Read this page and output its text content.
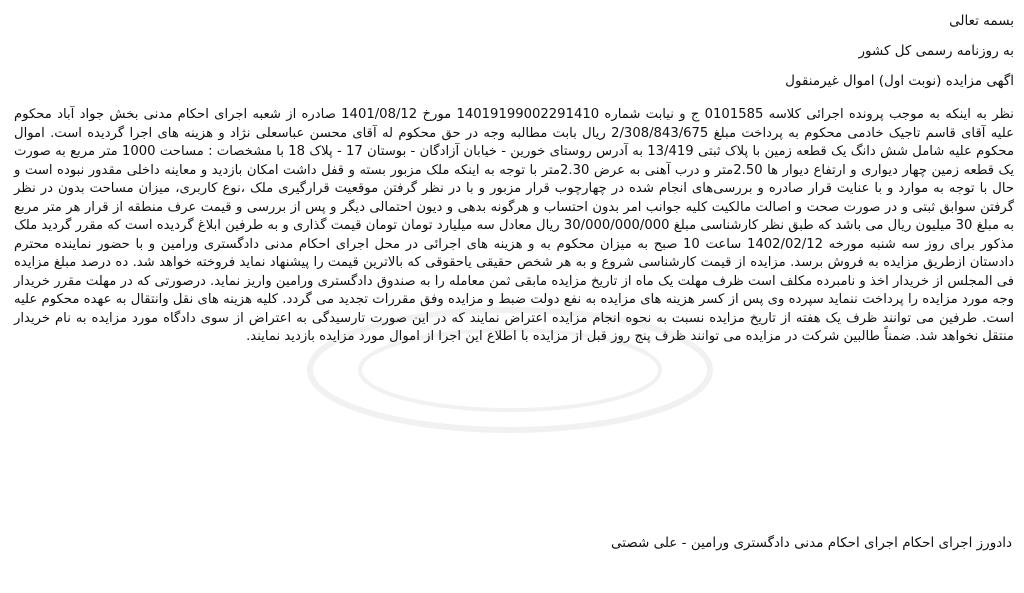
بسمه تعالی
به روزنامه رسمی کل کشور
اگهی مزایده (نوبت اول) اموال غیرمنقول
نظر به اینکه به موجب پرونده اجرائی کلاسه 0101585 ج و نیابت شماره 14019199002291410 مورخ 1401/08/12 صادره از شعبه اجرای احکام مدنی بخش جواد آباد محکوم علیه آقای قاسم تاجیک خادمی محکوم به پرداخت مبلغ 2/308/843/675 ریال بابت مطالبه وجه در حق محکوم له آقای محسن عباسعلی نژاد و هزینه های اجرا گردیده است. اموال محکوم علیه شامل شش دانگ یک قطعه زمین با پلاک ثبتی 13/419 به آدرس روستای خورین - خیابان آزادگان - بوستان 17 - پلاک 18 با مشخصات : مساحت 1000 متر مربع به صورت یک قطعه زمین چهار دیواری و ارتفاع دیوار ها 2.50متر و درب آهنی به عرض 2.30متر با توجه به اینکه ملک مزبور بسته و قفل داشت امکان بازدید و معاینه داخلی مقدور نبوده است و حال با توجه به موارد و با عنایت قرار صادره و بررسی‌های انجام شده در چهارچوب قرار مزبور و با در نظر گرفتن موقعیت قرارگیری ملک ،نوع کاربری، میزان مساحت بدون در نظر گرفتن سوابق ثبتی و در صورت صحت و اصالت مالکیت کلیه جوانب امر بدون احتساب و هرگونه بدهی و دیون احتمالی دیگر و پس از بررسی و قیمت عرف منطقه از قرار هر متر مربع به مبلغ 30 میلیون ریال می باشد که طبق نظر کارشناسی مبلغ 30/000/000/000 ریال معادل سه میلیارد تومان تومان قیمت گذاری و به طرفین ابلاغ گردیده است که مقرر گردید ملک مذکور برای روز سه شنبه مورخه 1402/02/12 ساعت 10 صبح به میزان محکوم به و هزینه های اجرائی در محل اجرای احکام مدنی دادگستری ورامین و با حضور نماینده محترم دادستان ازطریق مزایده به فروش برسد. مزایده از قیمت کارشناسی شروع و به هر شخص حقیقی یاحقوقی که بالاترین قیمت را پیشنهاد نماید فروخته خواهد شد. ده درصد مبلغ مزایده فی المجلس از خریدار اخذ و نامبرده مکلف است ظرف مهلت یک ماه از تاریخ مزایده مابقی ثمن معامله را به صندوق دادگستری ورامین واریز نماید. درصورتی که در مهلت مقرر خریدار وجه مورد مزایده را پرداخت ننماید سپرده وی پس از کسر هزینه های مزایده به نفع دولت ضبط و مزایده وفق مقررات تجدید می گردد. کلیه هزینه های نقل وانتقال به عهده محکوم علیه است. طرفین می توانند ظرف یک هفته از تاریخ مزایده نسبت به نحوه انجام مزایده اعتراض نمایند که در این صورت تارسیدگی به اعتراض از سوی دادگاه مورد مزایده به نام خریدار منتقل نخواهد شد. ضمناً طالبین شرکت در مزایده می توانند ظرف پنج روز قبل از مزایده با اطلاع این اجرا از اموال مورد مزایده بازدید نمایند.
دادورز اجرای احکام اجرای احکام مدنی دادگستری ورامین - علی شصتی
